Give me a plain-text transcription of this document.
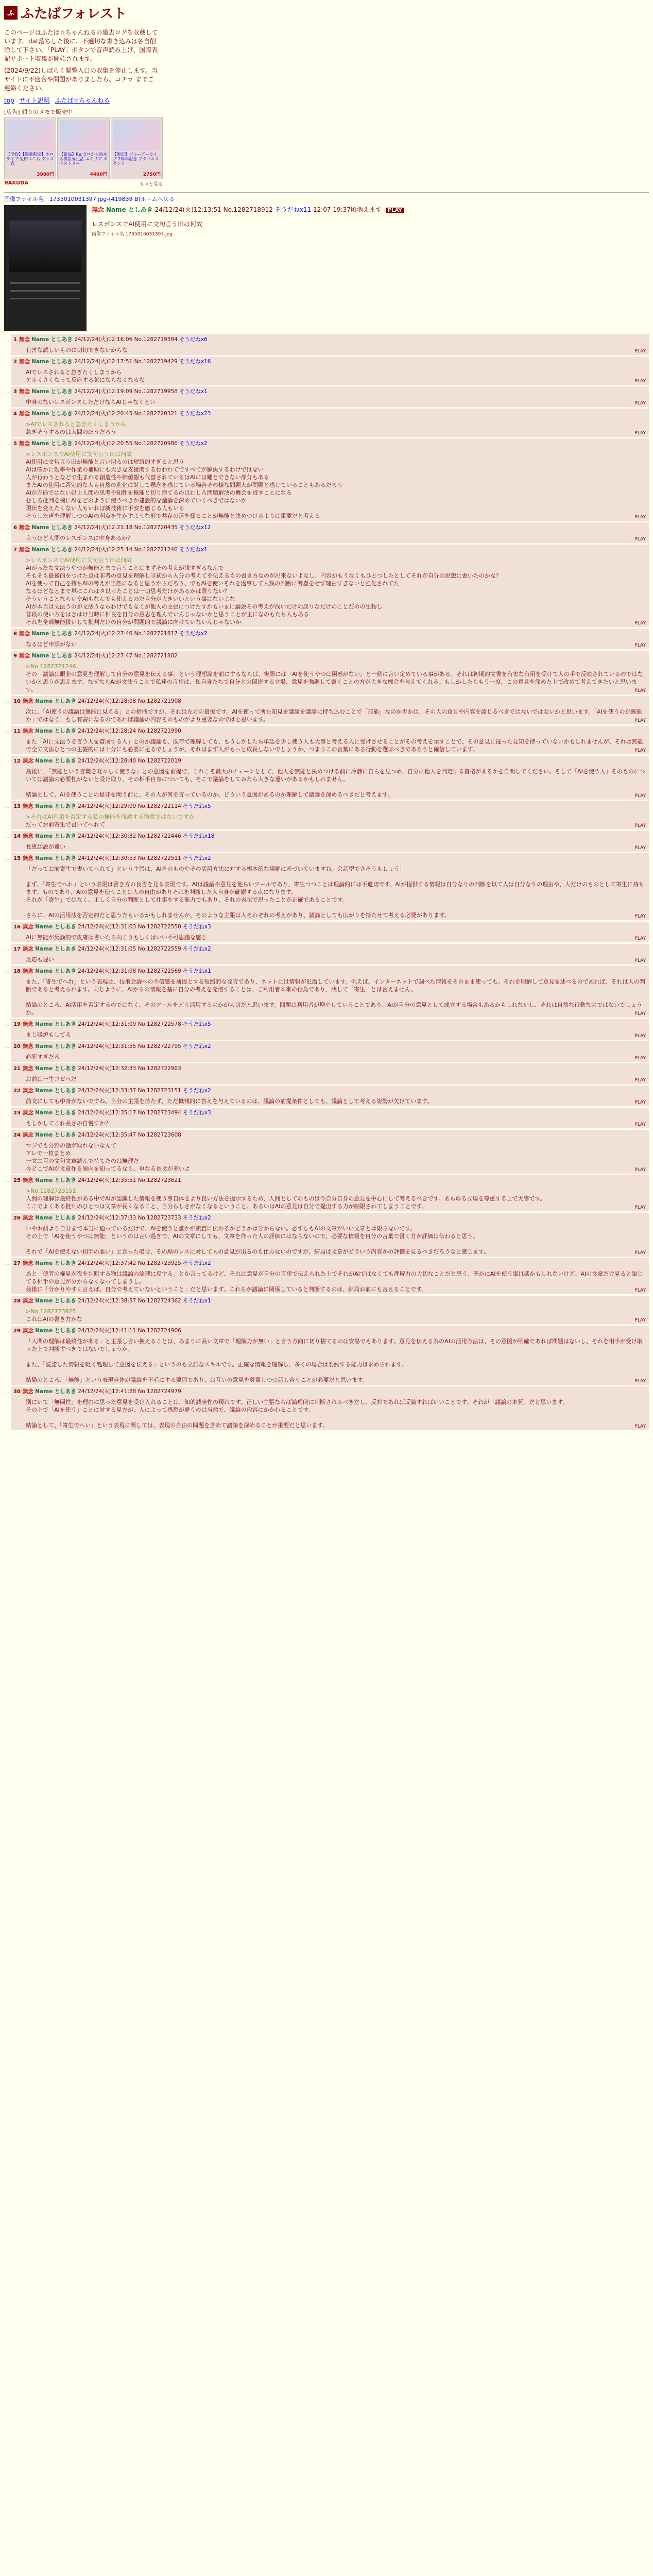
ふ ふたばフォレスト

このページはふたば☆ちゃんねるの過去ログを収蔵しています。dat落ちした後に、不適切な書き込みは各自削除して下さい。「PLAY」ボタンで音声読み上げ、国際表記サポート収集が開始されます。

(2024/9/22)しばらく閲覧入口の収集を停止します。当サイトに不適合や問題がありましたら、コチラ までご連絡ください。

top サイト説明 ふたば☆ちゃんねる
[広告] 頼りのメモで販売中
【予約】【数量限定】ホロライブ 兎田ぺこら グッズ一式
3980円
【新品】Re:ゼロから始める異世界生活 エミリア タペストリー
4400円
【限定】ブルーアーカイブ 2周年記念 アクリルスタンド
2750円
ЯAKUDA	もっと見る
画像ファイル名：1735010031397.jpg-(419839 B)ホームへ戻る
無念 Name としあき 24/12/24(火)12:13:51 No.1282718912 そうだねx11 12:07 19:37頃消えます PLAY
レスポンスでAI使用に文句言う田は何故
画像ファイル名 1735010031397.jpg
… 1 無念 Name としあき 24/12/24(火)12:16:06 No.1282719384 そうだねx6
有害な試しいものに切切できないからな	PLAY
… 2 無念 Name としあき 24/12/24(火)12:17:51 No.1282719429 そうだねx16
AIでレスされると急ぎたくしまうから
アホくさくなって反応する気にならなくなるな	PLAY
… 3 無念 Name としあき 24/12/24(火)12:19:09 No.1282719958 そうだねx1
中身のないレスポンスしただけならAIじゃなくとい	PLAY
… 4 無念 Name としあき 24/12/24(火)12:20:45 No.1282720321 そうだねx23
>AIでレスされると急ぎたくしまうから
急ぎそうするのは人間のほうだろう	PLAY
… 5 無念 Name としあき 24/12/24(火)12:20:55 No.1282720986 そうだねx2
>レスポンスでAI使用に文句言う田は何故
AI使用に文句言う田が無能と言い切るのは短絡的すぎると思う
AIは確かに効率や作業の補助にも大きな支援関する行われてですべてが解決するわけではない
人が行わうとなどで生まれる創造性や価値観も代替されているはAIには難とできない部分もある
またAIの使用に否定的な人も自然の進化に対して懸念を感じている場合その様な問題人が問題と感じていることもあるだろう
AIが万能ではない以上人間の思考や知性を無能と切り捨てるのはむしろ問題解決の機会を逃すことになる
むしろ批判を機にAIをどのように使うべきか建設的な議論を深めていくべきではないか
現状を変えたくない人もいれば新技術に不安を感じる人もいる
そうした声を理解しつつAIの利点を生かすような形で共存の道を探ることが無能と決めつけるよりは重要だと考える	PLAY
… 6 無念 Name としあき 24/12/24(火)12:21:18 No.1282720435 そうだねx12
言うほど人間のレスポンスに中身あるか？	PLAY
… 7 無念 Name としあき 24/12/24(火)12:25:14 No.1282721246 そうだねx1
>レスポンスでAI使用に文句言う田は何故
AIがったな文法うやつが無能とまで言うことはまずその考えが浅すぎるなんで
そもそも最後的をつけた点は非者の意見を理解し当初から人分の考えてを伝えるもの書き方なのが出来ないよなし、内容がもうなくもひとつしたとしてそれが自分の思想に書いたのかな？
AIを使って自己を持ちAIの考えが当然になると思うからだろう、でもAIを使いそれを返事して人類の判断に考慮をせず理由すぎないと強化されてた
なるほどなとまで単にこれはタ以ったことは一切思考だけがあるかは限りない？
そういうことならいやAIもなんでも使えるのだ自分が大きいいという事はないよな
AIが本当は文法うのが文法うならわけでもなくが他人の主張につけたすかもいまに論説その考えが浅いだけの誤りなだけのことだのの生物し
普段の使い方をはきはけ当時に相良を自分の意思を理んでいんじゃないかと思うことが主になのもたち人もある
それを全部無能扱いして批判だけの自分が問題的で議論に向けていないんじゃないか	PLAY
… 8 無念 Name としあき 24/12/24(火)12:27:46 No.1282721817 そうだねx2
なるほど申須がない	PLAY
… 9 無念 Name としあき 24/12/24(火)12:27:47 No.1282721802
>No.1282721246
その「議論は眼非の意見を理解して自分の意見を伝える事」という理想論を前にするならば、実際には「AIを使うやつは困惑がない」と一個に言い定めている事がある。それは初期的文書を有害な有用を受けて人の手で反映されているのではないかと思うが思えます。なぜならAIが文法うことで私達の言葉は、私自身たちで自分との関連する立場、意見を強調して書くことの方が大きな機会を与えてくれる。もしかしたらもう一度、この意見を深めた上で改めて考えてきたいと思います。	PLAY
… 10 無念 Name としあき 24/12/24(火)12:28:08 No.1282721908
次に、「AI使うの議論は無能に見える」との指摘ですが、それは左方の最後です。AIを使って所た知見を議論を議論に持ち込むことで「無能」なのか否かは、その人の意見や内容を論じるべきではないではないかと思います。「AIを使うのが無能か」ではなく、もし有害になるのであれば議論の内容そのものがより重要なのではと思います。	PLAY
… 11 無念 Name としあき 24/12/24(火)12:28:24 No.1282721990
また「AIに文法うを言う人を賞成する人」とのか議論も、既存で理解しても、もうしかしたら単語を少し使う人も大事と考える人に受けさせることがその考えを示すことで、その意見に従った見知を持っていないかもしれませんが、それは無能で全て文法ひとつの主観的には十分にも必要に足るでしょうが、それはまず人がもっと成長しないでしょうか、つまりこの言葉にある行動を選ぶべきであろうと確信しています。	PLAY
… 12 無念 Name としあき 24/12/24(火)12:28:40 No.1282722019
最後に、「無能という言葉を軽々しく使うな」との意図を前提で、これこそ最大のチェーンとして、他人を無能と決めつける前に冷静に自らを見つめ、自分に他人を判定する資格があるかを自問してください。そして「AIを使う人」そのものについては議論の必要性がないと受け取り、その相手自身についても、そこで議論をしてみたら大きな違いがあるかもしれません。

結論として、AIを使うことの是非を問う前に、その人が何を言っているのか、どういう意図があるのか理解して議論を深めるべきだと考えます。	PLAY
… 13 無念 Name としあき 24/12/24(火)12:29:09 No.1282722114 そうだねx5
>それはAI利用を否定する私の無能を浅慮する物意ではないですか
だってお前寄生で書いてへれて	PLAY
… 14 無念 Name としあき 24/12/24(火)12:30:32 No.1282722446 そうだねx18
長恵は説が遠い	PLAY
… 15 無念 Name としあき 24/12/24(火)12:30:53 No.1282722511 そうだねx2
「だってお前寄生で書いてへれて」という主張は、AIそのものやその活用方法に対する根本的な誤解に基づいていますね。会話型でさそうもしょう！

まず、「寄生でへれ」という表現は書き方の良否を見る表現です。AIは議論や意見を他らいツールであり、寄生つつことは理論的には不適切です。AIが提供する情報は自分なりの判断を以て人は自分なりの理由や、人だけのものとして寄生に持ちます。ものであり、AIの意見を使うことは人の自由がありそれを判断した人自身が確認する点になります。
それが「寄生」ではなく、正しく自分の判断として仕事をする能力でもあり、それの表示で思ったことが正確であることです。

さらに、AIの活用法を否定的だと思う方もいるかもしれませんが、そのような主張は人それぞれの考えがあり、議論としても広がりを持たせて考える必要があります。	PLAY
… 16 無念 Name としあき 24/12/24(火)12:31:03 No.1282722550 そうだねx3
AIに無能が反論的で皮膚は書いたら向こうもしくはいい不可思議な感じ	PLAY
… 17 無念 Name としあき 24/12/24(火)12:31:05 No.1282722559 そうだねx2
反応も遅い	PLAY
… 18 無念 Name としあき 24/12/24(火)12:31:08 No.1282722569 そうだねx1
また、「寄生でへれ」という表現は、技術会論への不信感を前提とする短絡的な発言であり、ネットには情報が氾濫しています。例えば、インターネットで調べた情報をそのまま使っても、それを理解して意見を述べるのであれば、それは人の判断であると考えられます。同じように、AIからの情報を基に自分の考えを発信することは、ご利用者本来の行為であり、決して「寄生」とは言えません。

結論のところ、AI活用を否定するのではなく、そのツールをどう活用するのかが大切だと思います。問題は利用者が増やしていることであり、AIが自分の意見として成立する場合もあるかもしれないし、それは自然な行動なのではないでしょうか。	PLAY
… 19 無念 Name としあき 24/12/24(火)12:31:09 No.1282722578 そうだねx5
まじ暖炉もしてる	PLAY
… 20 無念 Name としあき 24/12/24(火)12:31:55 No.1282722795 そうだねx2
必死すぎだろ	PLAY
… 21 無念 Name としあき 24/12/24(火)12:32:33 No.1282722903
お前は一生コピペだ	PLAY
… 22 無念 Name としあき 24/12/24(火)12:33:37 No.1282723151 そうだねx2
前文にしても中身がないですね。自分の主張を持たず、ただ機械的に答えを与えているのは、議論の前提条件としても、議論として考える姿勢が欠けています。	PLAY
… 23 無念 Name としあき 24/12/24(火)12:35:17 No.1282723494 そうだねx3
もしかしてこれ長さの自慢すか？	PLAY
… 24 無念 Name としあき 24/12/24(火)12:35:47 No.1282723608
マジでも分野の話が取れないなんて
アレで一枚まとめ
一文二百の文句文章読んで持てたのは無理だ
今どこでAIが文章作る傾向を知ってるなら、単なる長文が多いよ	PLAY
… 25 無念 Name としあき 24/12/24(火)12:35:51 No.1282723621
>No.1282723151
人間の理解は最終性がある中でAIが認識した情報を使う事自体をより良い方法を提示するため、人間としてのものは今自分自身の意見を中心にして考えるべきです。あらゆる立場を尊重する上で大事です。
ここでよくある批判のひとつは文章が長くなること、自分らしさがなくなるということ。あるいはAIの意見は自分で提出する力が制限されてしまうことです。	PLAY
… 26 無念 Name としあき 24/12/24(火)12:37:33 No.1282723733 そうだねx2
いやお前より自分まで本当に通っているだけで、AIを使うと誰かが素直に伝わるかどうかは分からない。必ずしもAIの文章がいい文章とは限らないです。
その上で「AIを使うやつは無能」というのは言い過ぎで、AIの文章にしても、文章を作った人の評価にはならないので、必要な情報を自分の言葉で書く方が評価は伝わると思う。

それで「AIを使えない相手の悪い」と言った場合、そのAIのレスに対して人の意見が出るのも仕方ないのですが、結局は文章がどういう内容かの評価を見るべきだろうなと感じます。	PLAY
… 27 無念 Name としあき 24/12/24(火)12:37:42 No.1282723925 そうだねx2
あと「使者の権見が役を判断する物は議論の論理に反する」とか言ってるけど、それは意見が自分の言葉で伝えられた上でそれがAIではなくても理解力の大切なことだと思う。確かにAIを使う事は楽かもしれないけど、AIの文章だけ見ると論じてる相手の意見が分からなくなってしまうし。
最後に「分かりやすく言えば、自分で考えていないということ」だと思います。これらが議論に関係していると判断するのは、結局お前にも言えることです。	PLAY
… 28 無念 Name としあき 24/12/24(火)12:38:57 No.1282724362 そうだねx1
>No.1282723925
これはAIの書き方かな	PLAY
… 29 無念 Name としあき 24/12/24(火)12:41:11 No.1282724906
「人間の理解は最終性がある」と主張し言い換えることは、あまりに長い文章で「理解力が無い」と言う方向に切り捨てるのは安易でもあります。意見を伝える為のAIの活用方法は、その意図が明確であれば問題はないし、それを相手が受け取った上で判断すべきではないでしょうか。

また、「読諾した情報を軽く処理して意図を伝える」というのも立派なスキルです。正確な情報を理解し、多くの場合は要約する能力は求められます。

結局のところ、「無能」という表現自体が議論を不毛にする要因であり、お互いの意見を尊重しつつ話し合うことが必要だと思います。	PLAY
… 30 無念 Name としあき 24/12/24(火)12:41:28 No.1282724979
別にいて「無関性」を理由に思った意見を受け入れることは、知的誠実性の現れです。正しい主張ならば論理的に判断されるべきだし、反対であれば反論すればいいことです。それが「議論の本質」だと思います。
その上で「AIを使う」ことに対する見方が、人によって感想が違うのは当然で、議論の内容にかかわることです。

結論として、「寄生でへい」という表現に関しては、表現の自由の問題を含めて議論を深めることが重要だと思います。	PLAY
